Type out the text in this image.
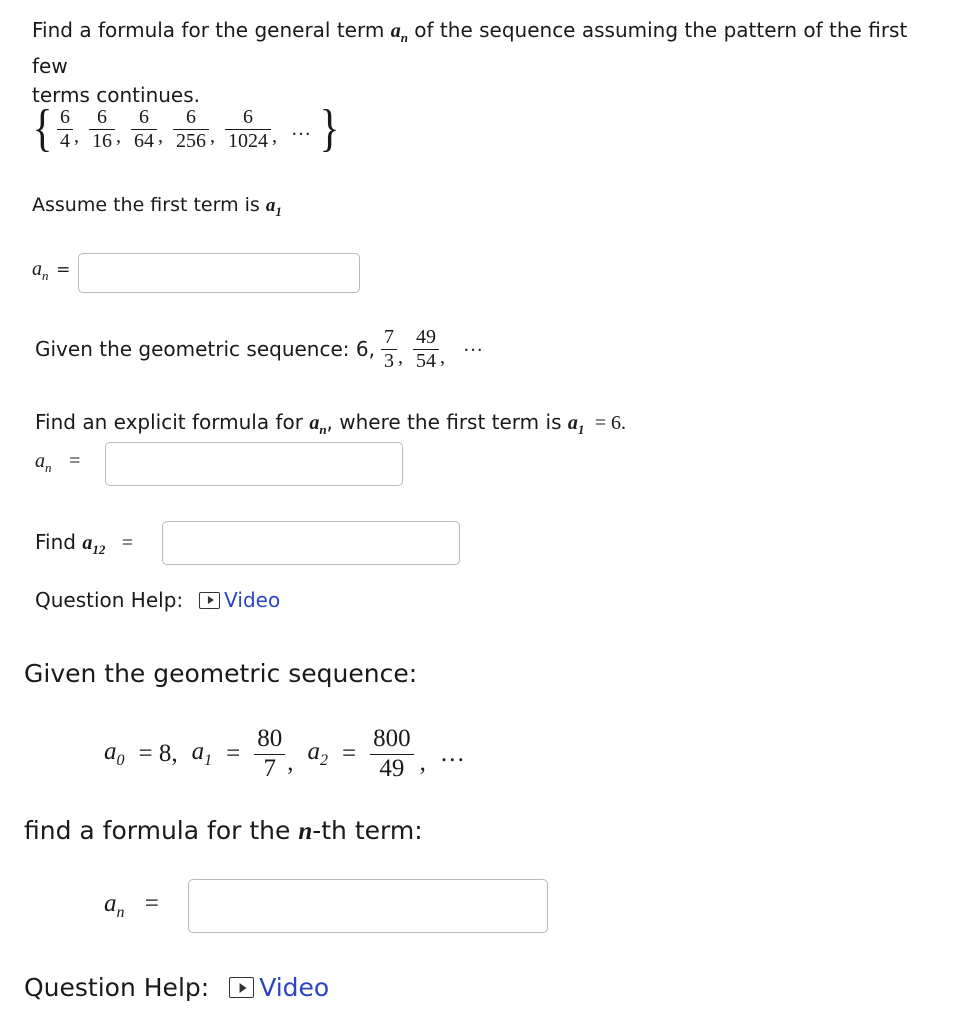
Find a formula for the general term $a_n$ of the sequence assuming the pattern of the first few
terms continues.
{ $\frac{6}{4}$ , $\frac{6}{16}$ , $\frac{6}{64}$ , $\frac{6}{256}$ , $\frac{6}{1024}$ , … }
Assume the first term is $a_1$
$a_n$ =
Given the geometric sequence: 6, $\frac{7}{3}$ , $\frac{49}{54}$ ,
…
Find an explicit formula for $a_n$, where the first term is $a_1 = 6$.
$a_n$ =
Find $a_{12}$ =
Question Help: Video
Given the geometric sequence:
$a_0 = 8$, $a_1 = \frac{80}{7}$ , $a_2 = \frac{800}{49}$ , …
find a formula for the n-th term:
$a_n$ =
Question Help: Video
